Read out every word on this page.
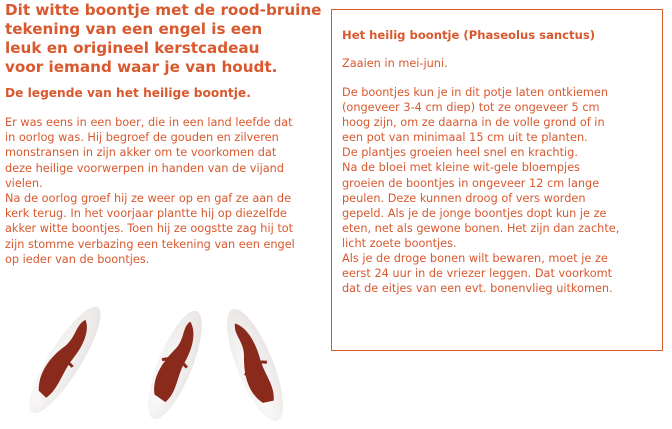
Dit witte boontje met de rood-bruine
tekening van een engel is een
leuk en origineel kerstcadeau
voor iemand waar je van houdt.
De legende van het heilige boontje.
Er was eens in een boer, die in een land leefde dat
in oorlog was. Hij begroef de gouden en zilveren
monstransen in zijn akker om te voorkomen dat
deze heilige voorwerpen in handen van de vijand
vielen.
Na de oorlog groef hij ze weer op en gaf ze aan de
kerk terug. In het voorjaar plantte hij op diezelfde
akker witte boontjes. Toen hij ze oogstte zag hij tot
zijn stomme verbazing een tekening van een engel
op ieder van de boontjes.
Het heilig boontje (Phaseolus sanctus)
Zaaien in mei-juni.
De boontjes kun je in dit potje laten ontkiemen
(ongeveer 3-4 cm diep) tot ze ongeveer 5 cm
hoog zijn, om ze daarna in de volle grond of in
een pot van minimaal 15 cm uit te planten.
De plantjes groeien heel snel en krachtig.
Na de bloei met kleine wit-gele bloempjes
groeien de boontjes in ongeveer 12 cm lange
peulen. Deze kunnen droog of vers worden
gepeld. Als je de jonge boontjes dopt kun je ze
eten, net als gewone bonen. Het zijn dan zachte,
licht zoete boontjes.
Als je de droge bonen wilt bewaren, moet je ze
eerst 24 uur in de vriezer leggen. Dat voorkomt
dat de eitjes van een evt. bonenvlieg uitkomen.
